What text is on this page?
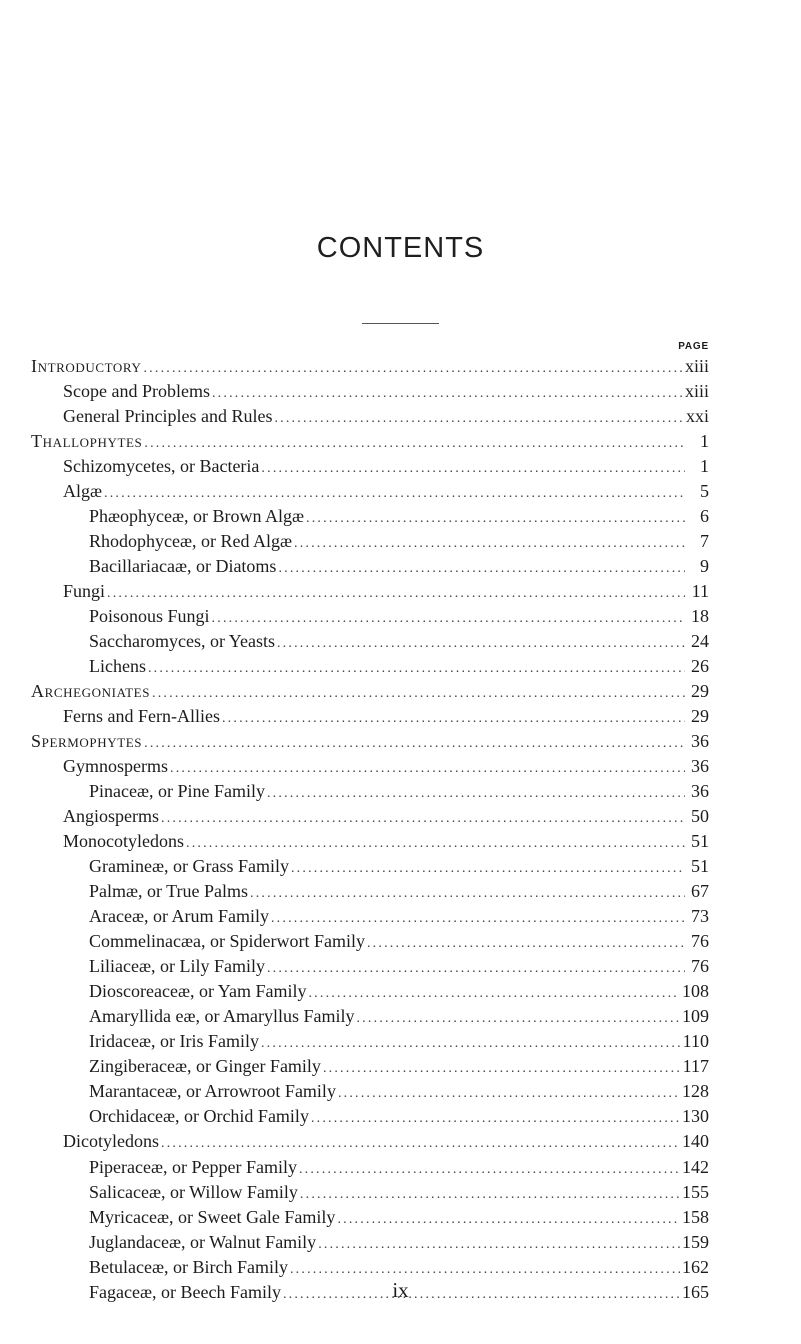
CONTENTS
PAGE
Introductory .....	xiii
Scope and Problems .....	xiii
General Principles and Rules .....	xxi
Thallophytes .....	1
Schizomycetes, or Bacteria .....	1
Algæ .....	5
Phæophyceæ, or Brown Algæ .....	6
Rhodophyceæ, or Red Algæ .....	7
Bacillariacaæ, or Diatoms .....	9
Fungi .....	11
Poisonous Fungi .....	18
Saccharomyces, or Yeasts .....	24
Lichens .....	26
Archegoniates .....	29
Ferns and Fern-Allies .....	29
Spermophytes .....	36
Gymnosperms .....	36
Pinaceæ, or Pine Family .....	36
Angiosperms .....	50
Monocotyledons .....	51
Gramineæ, or Grass Family .....	51
Palmæ, or True Palms .....	67
Araceæ, or Arum Family .....	73
Commelinacæa, or Spiderwort Family .....	76
Liliaceæ, or Lily Family .....	76
Dioscoreaceæ, or Yam Family .....	108
Amaryllida eæ, or Amaryllus Family .....	109
Iridaceæ, or Iris Family .....	110
Zingiberaceæ, or Ginger Family .....	117
Marantaceæ, or Arrowroot Family .....	128
Orchidaceæ, or Orchid Family .....	130
Dicotyledons .....	140
Piperaceæ, or Pepper Family .....	142
Salicaceæ, or Willow Family .....	155
Myricaceæ, or Sweet Gale Family .....	158
Juglandaceæ, or Walnut Family .....	159
Betulaceæ, or Birch Family .....	162
Fagaceæ, or Beech Family .....	165
ix
